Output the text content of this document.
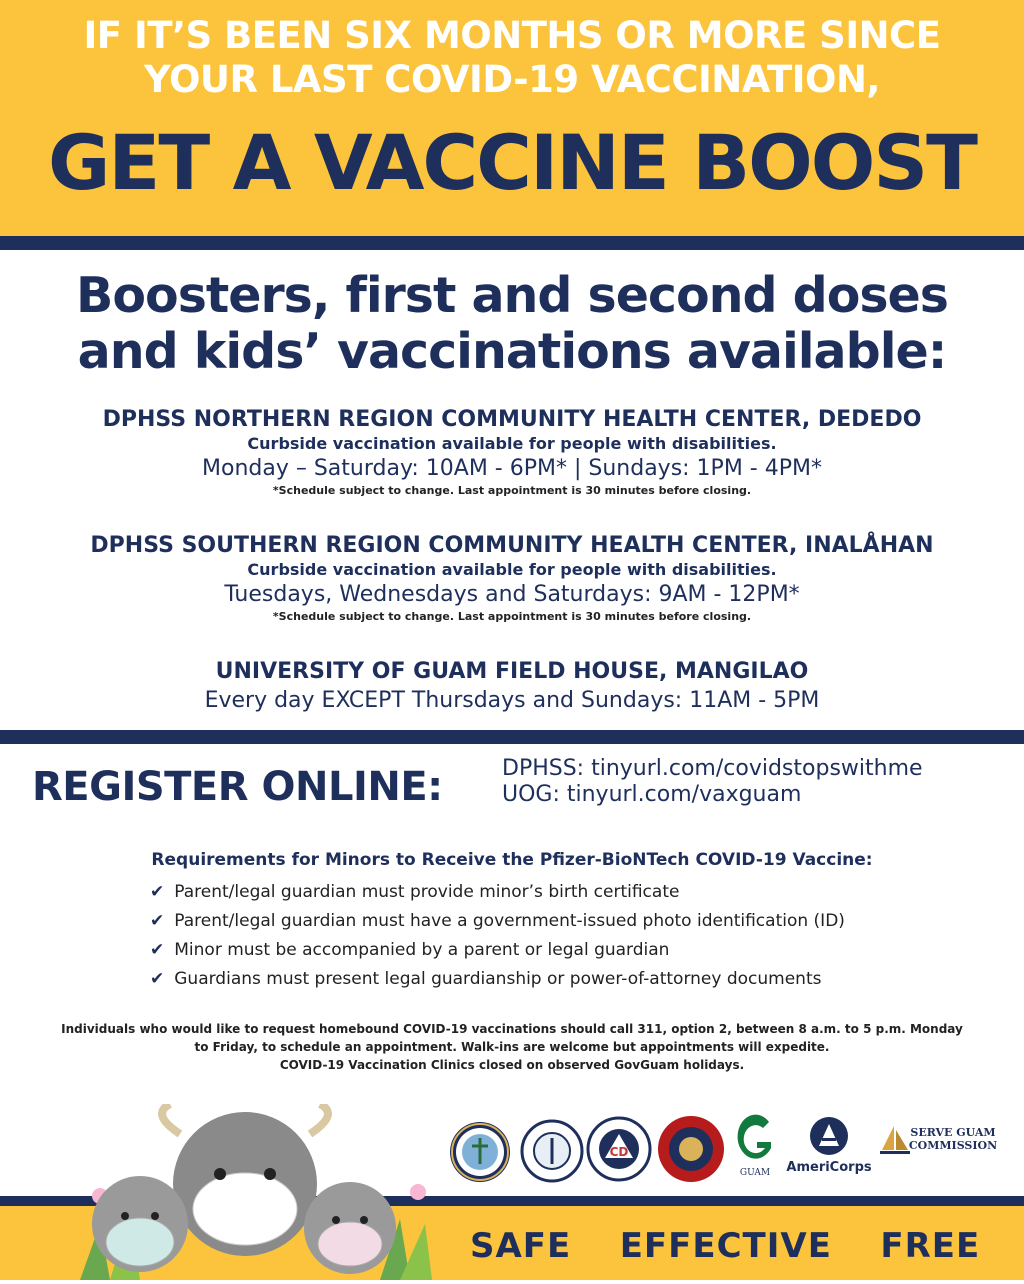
IF IT’S BEEN SIX MONTHS OR MORE SINCE
YOUR LAST COVID-19 VACCINATION,
GET A VACCINE BOOST
Boosters, first and second doses
and kids’ vaccinations available:
DPHSS NORTHERN REGION COMMUNITY HEALTH CENTER, DEDEDO
Curbside vaccination available for people with disabilities.
Monday – Saturday: 10AM - 6PM* | Sundays: 1PM - 4PM*
*Schedule subject to change. Last appointment is 30 minutes before closing.
DPHSS SOUTHERN REGION COMMUNITY HEALTH CENTER, INALÅHAN
Curbside vaccination available for people with disabilities.
Tuesdays, Wednesdays and Saturdays: 9AM - 12PM*
*Schedule subject to change. Last appointment is 30 minutes before closing.
UNIVERSITY OF GUAM FIELD HOUSE, MANGILAO
Every day EXCEPT Thursdays and Sundays: 11AM - 5PM
REGISTER ONLINE:	DPHSS: tinyurl.com/covidstopswithme
UOG: tinyurl.com/vaxguam
Requirements for Minors to Receive the Pfizer-BioNTech COVID-19 Vaccine:
✔ Parent/legal guardian must provide minor’s birth certificate
✔ Parent/legal guardian must have a government-issued photo identification (ID)
✔ Minor must be accompanied by a parent or legal guardian
✔ Guardians must present legal guardianship or power-of-attorney documents
Individuals who would like to request homebound COVID-19 vaccinations should call 311, option 2, between 8 a.m. to 5 p.m. Monday
to Friday, to schedule an appointment. Walk-ins are welcome but appointments will expedite.
COVID-19 Vaccination Clinics closed on observed GovGuam holidays.
CD
GUAM	AmeriCorps
SERVE GUAM
COMMISSION
SAFE • EFFECTIVE • FREE
